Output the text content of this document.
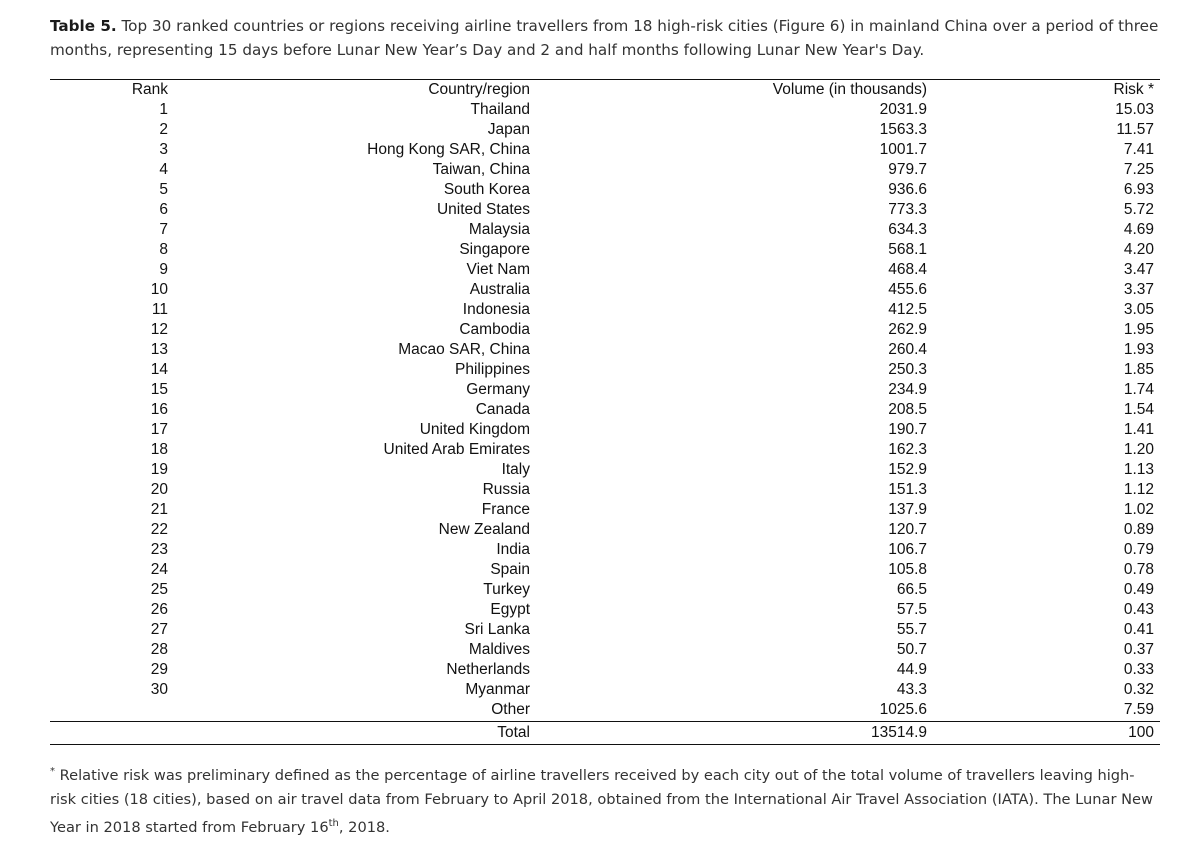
Table 5. Top 30 ranked countries or regions receiving airline travellers from 18 high-risk cities (Figure 6) in mainland China over a period of three months, representing 15 days before Lunar New Year’s Day and 2 and half months following Lunar New Year's Day.
Rank	Country/region	Volume (in thousands)	Risk *
1	Thailand	2031.9	15.03
2	Japan	1563.3	11.57
3	Hong Kong SAR, China	1001.7	7.41
4	Taiwan, China	979.7	7.25
5	South Korea	936.6	6.93
6	United States	773.3	5.72
7	Malaysia	634.3	4.69
8	Singapore	568.1	4.20
9	Viet Nam	468.4	3.47
10	Australia	455.6	3.37
11	Indonesia	412.5	3.05
12	Cambodia	262.9	1.95
13	Macao SAR, China	260.4	1.93
14	Philippines	250.3	1.85
15	Germany	234.9	1.74
16	Canada	208.5	1.54
17	United Kingdom	190.7	1.41
18	United Arab Emirates	162.3	1.20
19	Italy	152.9	1.13
20	Russia	151.3	1.12
21	France	137.9	1.02
22	New Zealand	120.7	0.89
23	India	106.7	0.79
24	Spain	105.8	0.78
25	Turkey	66.5	0.49
26	Egypt	57.5	0.43
27	Sri Lanka	55.7	0.41
28	Maldives	50.7	0.37
29	Netherlands	44.9	0.33
30	Myanmar	43.3	0.32
Other	1025.6	7.59
Total	13514.9	100
* Relative risk was preliminary defined as the percentage of airline travellers received by each city out of the total volume of travellers leaving high-risk cities (18 cities), based on air travel data from February to April 2018, obtained from the International Air Travel Association (IATA). The Lunar New Year in 2018 started from February 16th, 2018.
